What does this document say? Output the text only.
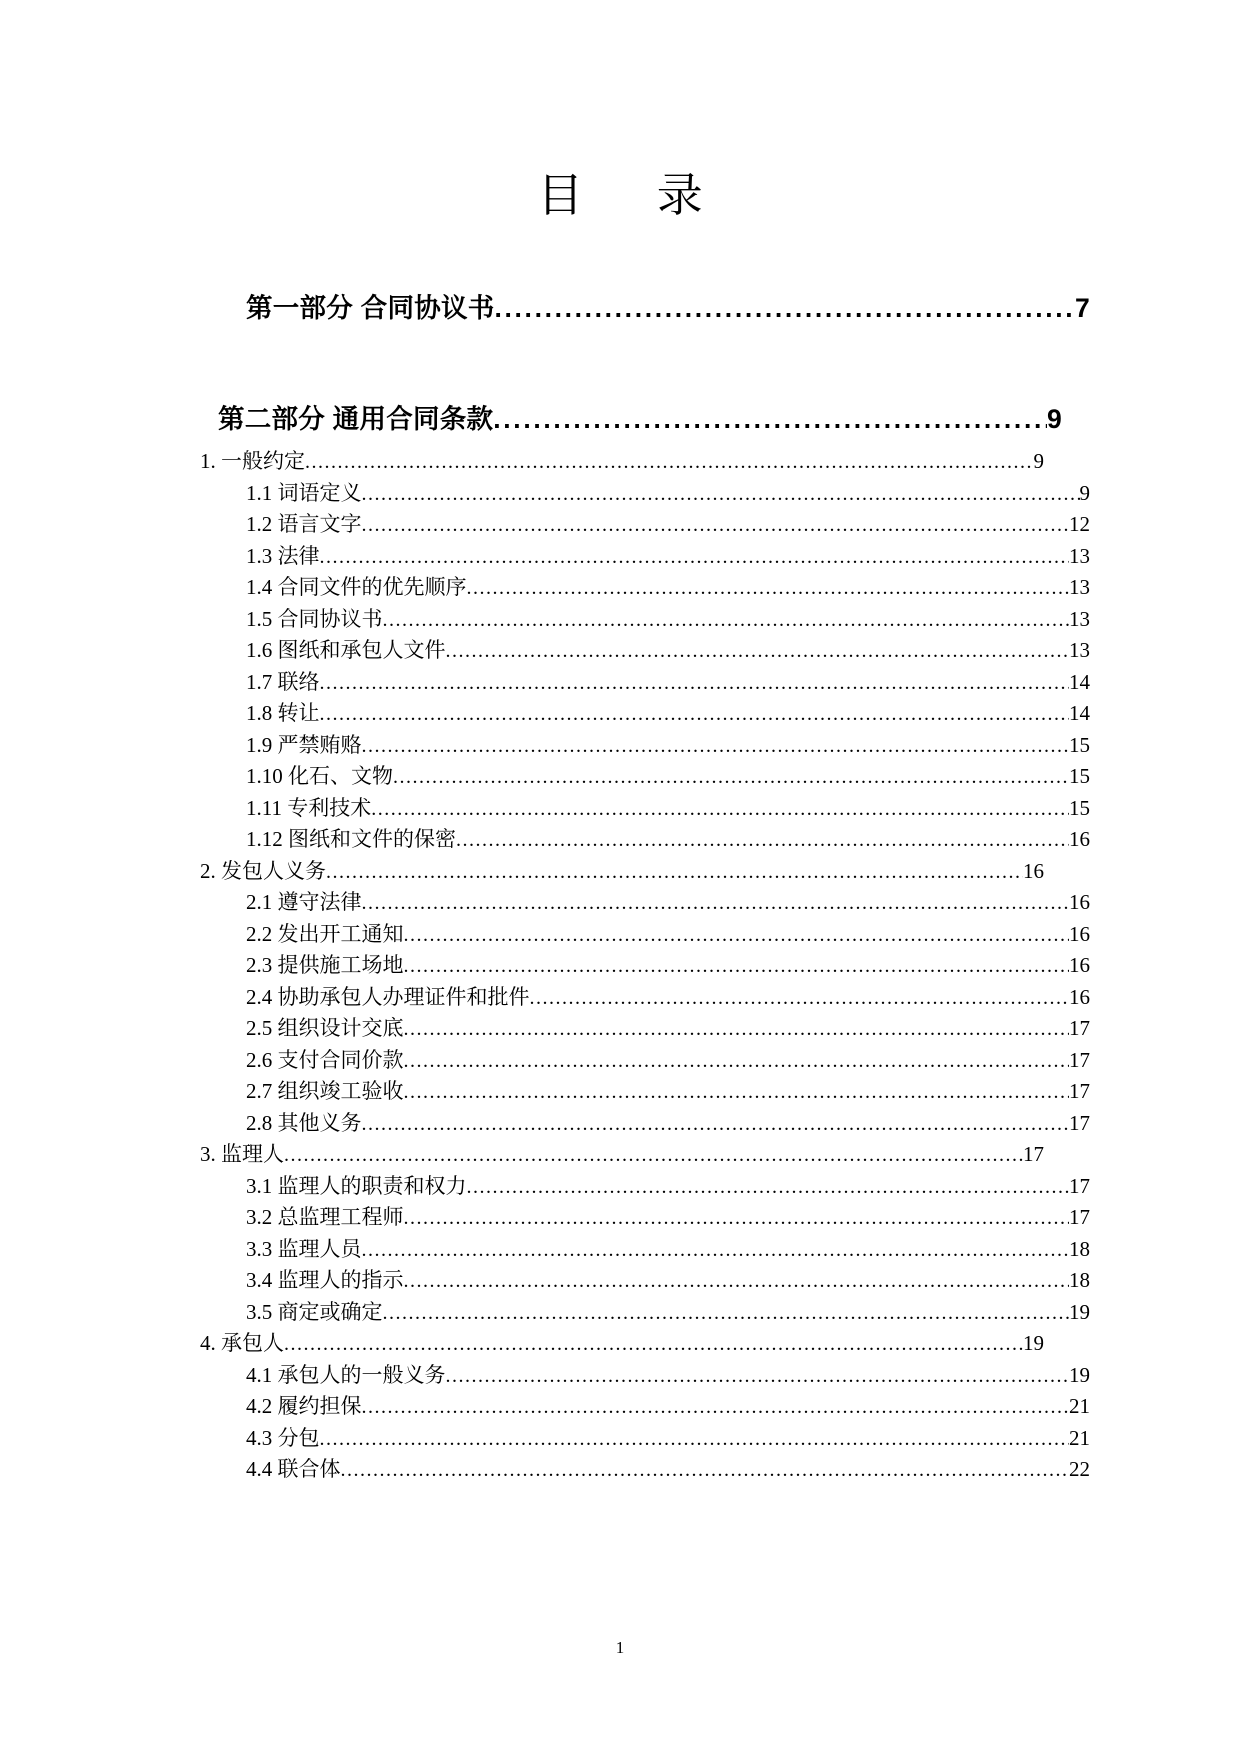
目　录
第一部分 合同协议书 .....	7
第二部分 通用合同条款 .....	9
1. 一般约定 .....	9
1.1 词语定义 .....	9
1.2 语言文字 .....	12
1.3 法律 .....	13
1.4 合同文件的优先顺序 .....	13
1.5 合同协议书 .....	13
1.6 图纸和承包人文件 .....	13
1.7 联络 .....	14
1.8 转让 .....	14
1.9 严禁贿赂 .....	15
1.10 化石、文物 .....	15
1.11 专利技术 .....	15
1.12 图纸和文件的保密 .....	16
2. 发包人义务 .....	16
2.1 遵守法律 .....	16
2.2 发出开工通知 .....	16
2.3 提供施工场地 .....	16
2.4 协助承包人办理证件和批件 .....	16
2.5 组织设计交底 .....	17
2.6 支付合同价款 .....	17
2.7 组织竣工验收 .....	17
2.8 其他义务 .....	17
3. 监理人 .....	17
3.1 监理人的职责和权力 .....	17
3.2 总监理工程师 .....	17
3.3 监理人员 .....	18
3.4 监理人的指示 .....	18
3.5 商定或确定 .....	19
4. 承包人 .....	19
4.1 承包人的一般义务 .....	19
4.2 履约担保 .....	21
4.3 分包 .....	21
4.4 联合体 .....	22
1
